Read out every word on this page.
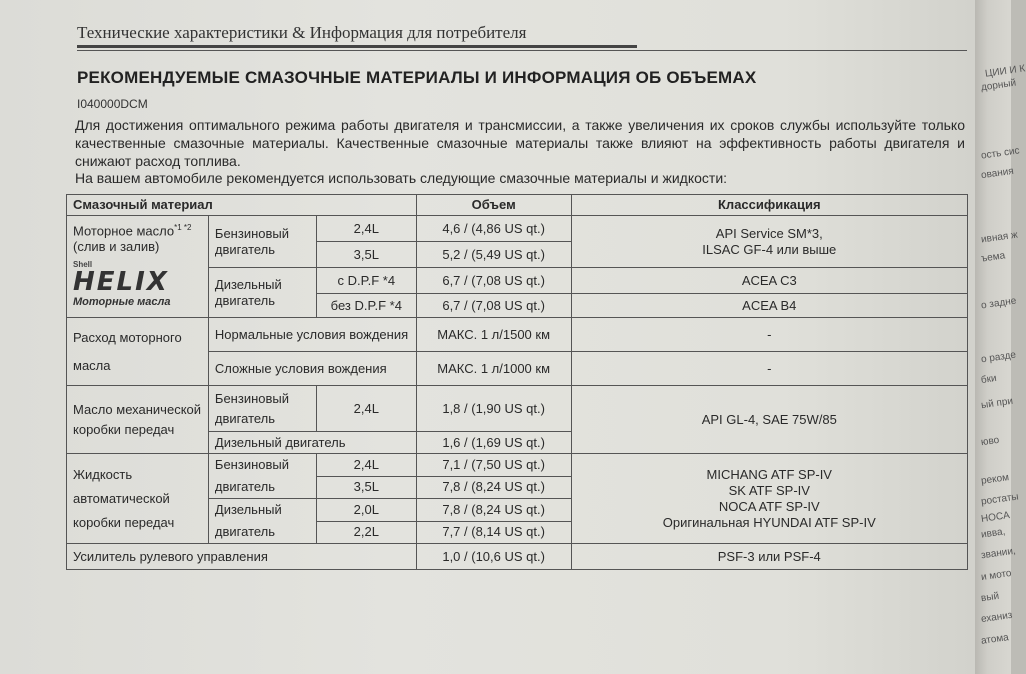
Технические характеристики & Информация для потребителя
РЕКОМЕНДУЕМЫЕ СМАЗОЧНЫЕ МАТЕРИАЛЫ И ИНФОРМАЦИЯ ОБ ОБЪЕМАХ
I040000DCM
Для достижения оптимального режима работы двигателя и трансмиссии, а также увеличения их сроков службы используйте только качественные смазочные материалы. Качественные смазочные материалы также влияют на эффективность работы двигателя и снижают расход топлива.
На вашем автомобиле рекомендуется использовать следующие смазочные материалы и жидкости:
Смазочный материал			Объем	Классификация
Моторное масло$^{*1 *2}$
(слив и залив)
Shell
HELIX
Моторные масла	Бензиновый двигатель	2,4L	4,6 / (4,86 US qt.)	API Service SM*3,
ILSAC GF-4 или выше
		3,5L	5,2 / (5,49 US qt.)	
	Дизельный двигатель	с D.P.F *4	6,7 / (7,08 US qt.)	ACEA C3
		без D.P.F *4	6,7 / (7,08 US qt.)	ACEA B4
Расход моторного масла	Нормальные условия вождения		МАКС. 1 л/1500 км	-
	Сложные условия вождения		МАКС. 1 л/1000 км	-
Масло механической коробки передач	Бензиновый двигатель	2,4L	1,8 / (1,90 US qt.)	API GL-4, SAE 75W/85
	Дизельный двигатель		1,6 / (1,69 US qt.)	
Жидкость автоматической коробки передач	Бензиновый двигатель	2,4L	7,1 / (7,50 US qt.)	MICHANG ATF SP-IV
SK ATF SP-IV
NOCA ATF SP-IV
Оригинальная HYUNDAI ATF SP-IV
		3,5L	7,8 / (8,24 US qt.)	
	Дизельный двигатель	2,0L	7,8 / (8,24 US qt.)	
		2,2L	7,7 / (8,14 US qt.)	
Усилитель рулевого управления			1,0 / (10,6 US qt.)	PSF-3 или PSF-4
дорный
ЦИИ И К
ость сис
ования
ивная ж
ъема
о задне
о разде
бки
ый при
юво
реком
ростаты
HOCA
ивва,
звании,
и мото
вый
еханиз
атома
